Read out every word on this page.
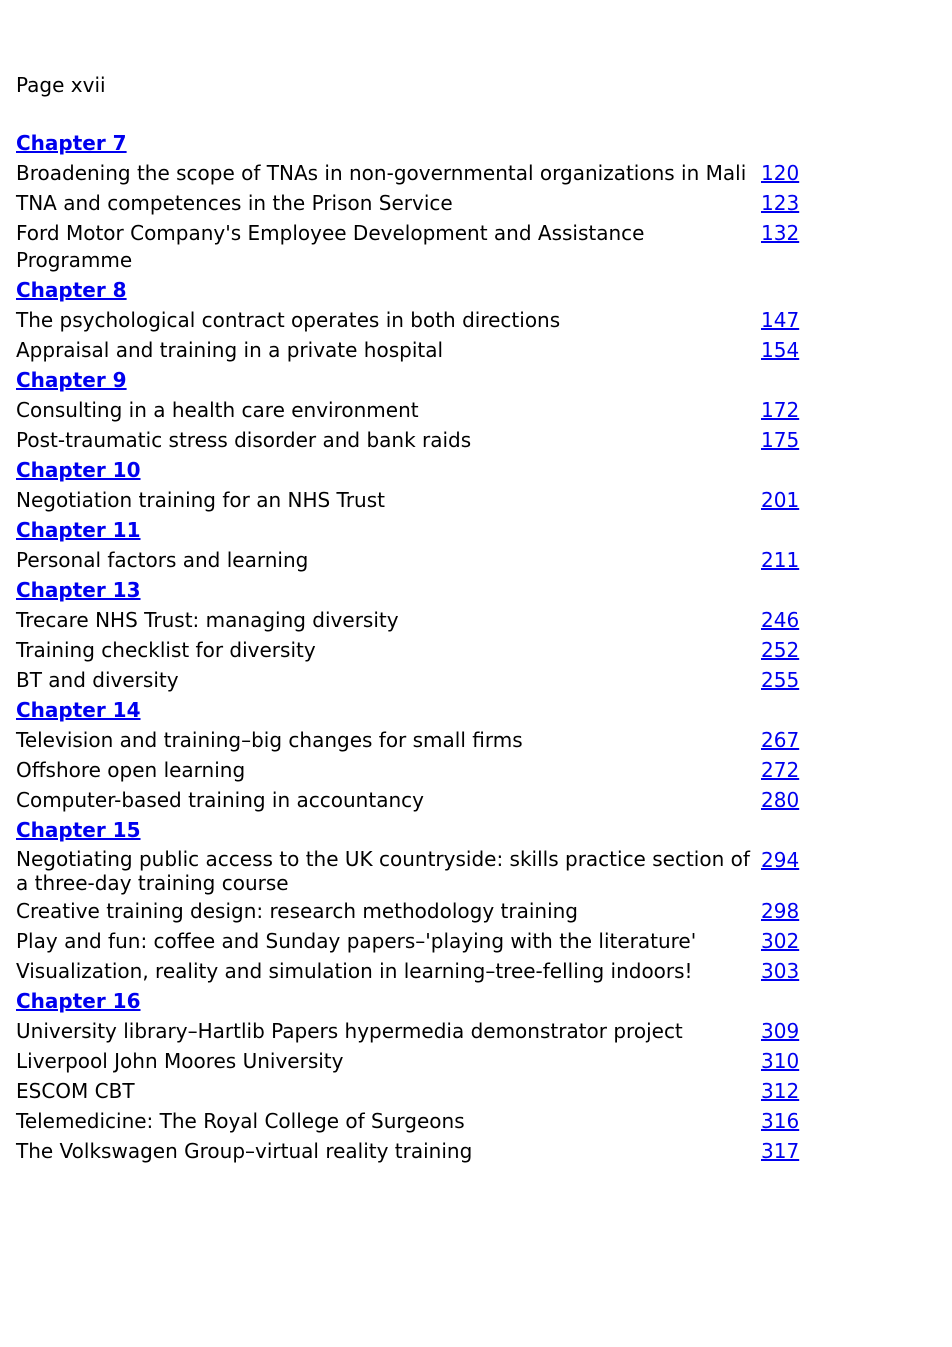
Page xvii

Chapter 7	
Broadening the scope of TNAs in non-governmental organizations in Mali	120
TNA and competences in the Prison Service	123
Ford Motor Company's Employee Development and Assistance Programme	132
Chapter 8	
The psychological contract operates in both directions	147
Appraisal and training in a private hospital	154
Chapter 9	
Consulting in a health care environment	172
Post-traumatic stress disorder and bank raids	175
Chapter 10	
Negotiation training for an NHS Trust	201
Chapter 11	
Personal factors and learning	211
Chapter 13	
Trecare NHS Trust: managing diversity	246
Training checklist for diversity	252
BT and diversity	255
Chapter 14	
Television and training–big changes for small firms	267
Offshore open learning	272
Computer-based training in accountancy	280
Chapter 15	
Negotiating public access to the UK countryside: skills practice section of a three-day training course	294
Creative training design: research methodology training	298
Play and fun: coffee and Sunday papers–'playing with the literature'	302
Visualization, reality and simulation in learning–tree-felling indoors!	303
Chapter 16	
University library–Hartlib Papers hypermedia demonstrator project	309
Liverpool John Moores University	310
ESCOM CBT	312
Telemedicine: The Royal College of Surgeons	316
The Volkswagen Group–virtual reality training	317
